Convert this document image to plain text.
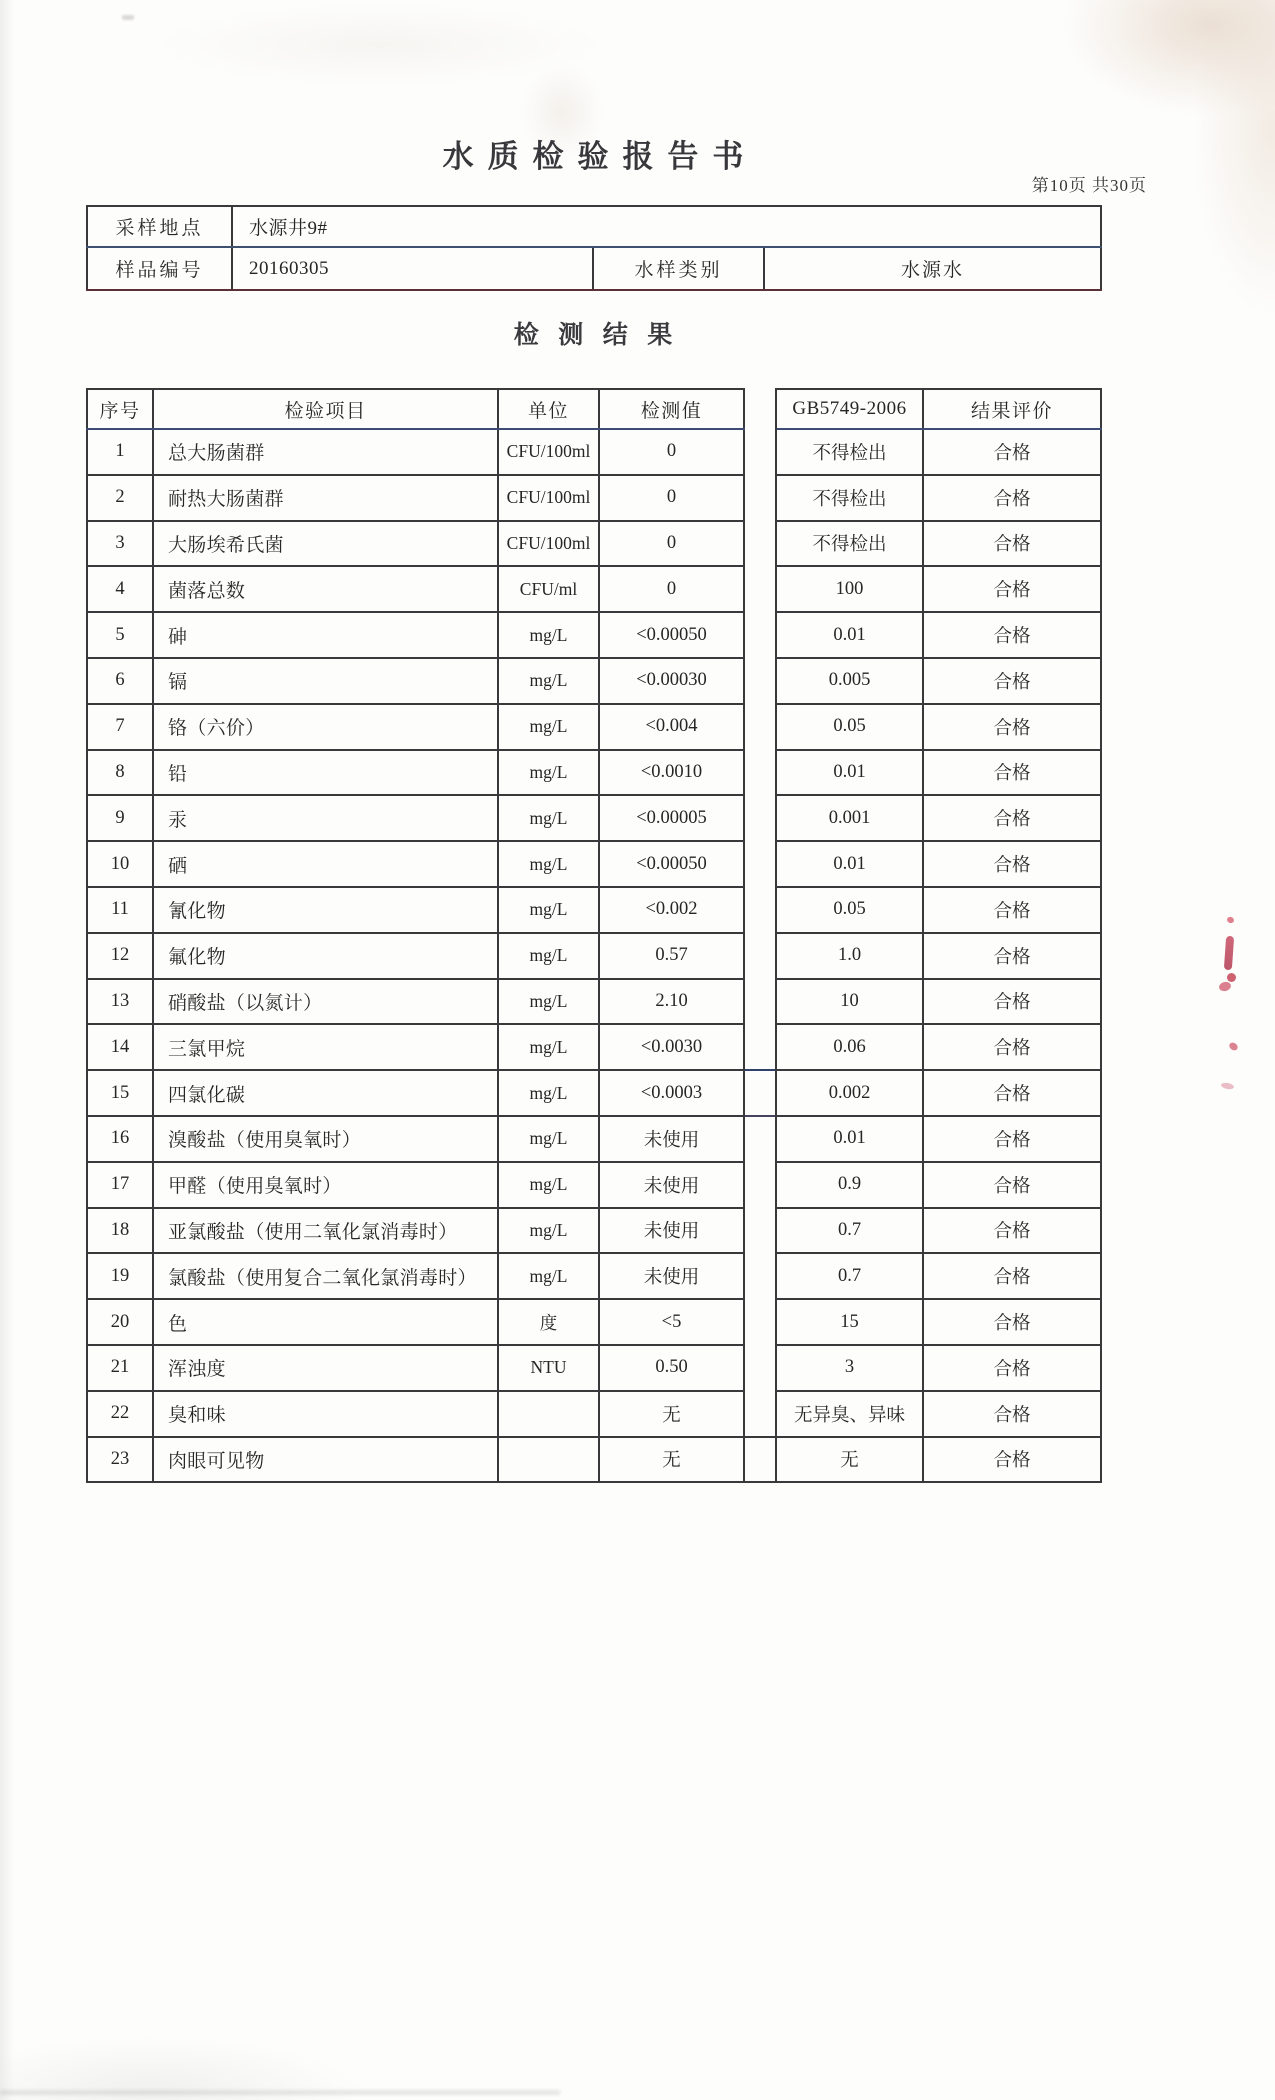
水质检验报告书
第10页 共30页
采样地点	水源井9#		
样品编号	20160305	水样类别	水源水
检测结果
序号	检验项目	单位	检测值		GB5749-2006	结果评价
1	总大肠菌群	CFU/100ml	0		不得检出	合格
2	耐热大肠菌群	CFU/100ml	0		不得检出	合格
3	大肠埃希氏菌	CFU/100ml	0		不得检出	合格
4	菌落总数	CFU/ml	0		100	合格
5	砷	mg/L	<0.00050		0.01	合格
6	镉	mg/L	<0.00030		0.005	合格
7	铬（六价）	mg/L	<0.004		0.05	合格
8	铅	mg/L	<0.0010		0.01	合格
9	汞	mg/L	<0.00005		0.001	合格
10	硒	mg/L	<0.00050		0.01	合格
11	氰化物	mg/L	<0.002		0.05	合格
12	氟化物	mg/L	0.57		1.0	合格
13	硝酸盐（以氮计）	mg/L	2.10		10	合格
14	三氯甲烷	mg/L	<0.0030		0.06	合格
15	四氯化碳	mg/L	<0.0003		0.002	合格
16	溴酸盐（使用臭氧时）	mg/L	未使用		0.01	合格
17	甲醛（使用臭氧时）	mg/L	未使用		0.9	合格
18	亚氯酸盐（使用二氧化氯消毒时）	mg/L	未使用		0.7	合格
19	氯酸盐（使用复合二氧化氯消毒时）	mg/L	未使用		0.7	合格
20	色	度	<5		15	合格
21	浑浊度	NTU	0.50		3	合格
22	臭和味		无		无异臭、异味	合格
23	肉眼可见物		无		无	合格
